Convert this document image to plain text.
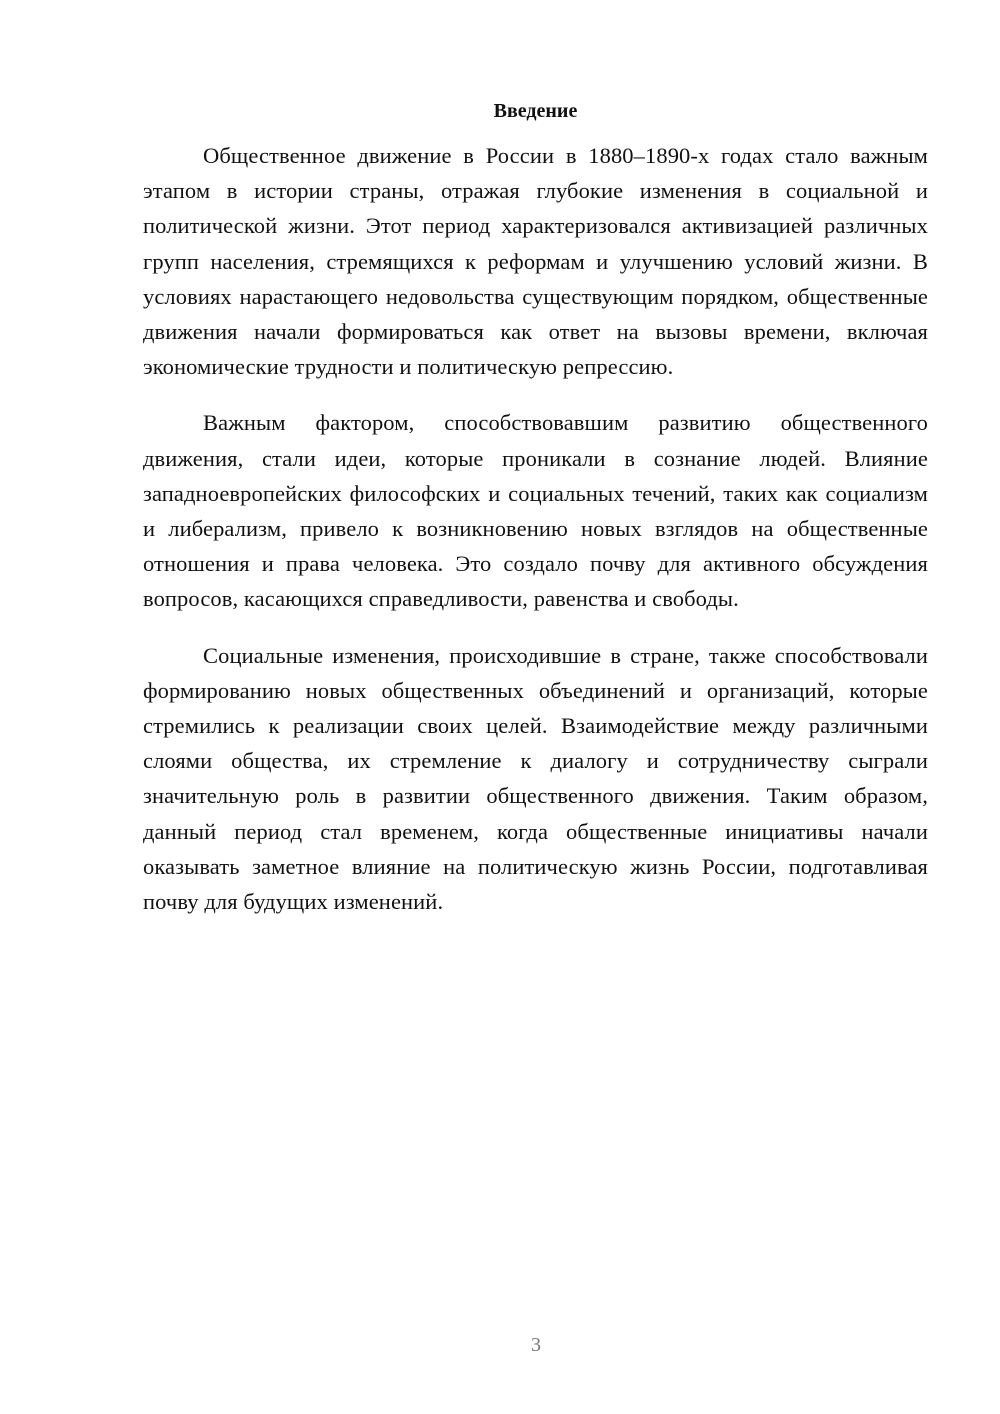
Введение

Общественное движение в России в 1880–1890-х годах стало важным этапом в истории страны, отражая глубокие изменения в социальной и политической жизни. Этот период характеризовался активизацией различных групп населения, стремящихся к реформам и улучшению условий жизни. В условиях нарастающего недовольства существующим порядком, общественные движения начали формироваться как ответ на вызовы времени, включая экономические трудности и политическую репрессию.

Важным фактором, способствовавшим развитию общественного движения, стали идеи, которые проникали в сознание людей. Влияние западноевропейских философских и социальных течений, таких как социализм и либерализм, привело к возникновению новых взглядов на общественные отношения и права человека. Это создало почву для активного обсуждения вопросов, касающихся справедливости, равенства и свободы.

Социальные изменения, происходившие в стране, также способствовали формированию новых общественных объединений и организаций, которые стремились к реализации своих целей. Взаимодействие между различными слоями общества, их стремление к диалогу и сотрудничеству сыграли значительную роль в развитии общественного движения. Таким образом, данный период стал временем, когда общественные инициативы начали оказывать заметное влияние на политическую жизнь России, подготавливая почву для будущих изменений.

3
